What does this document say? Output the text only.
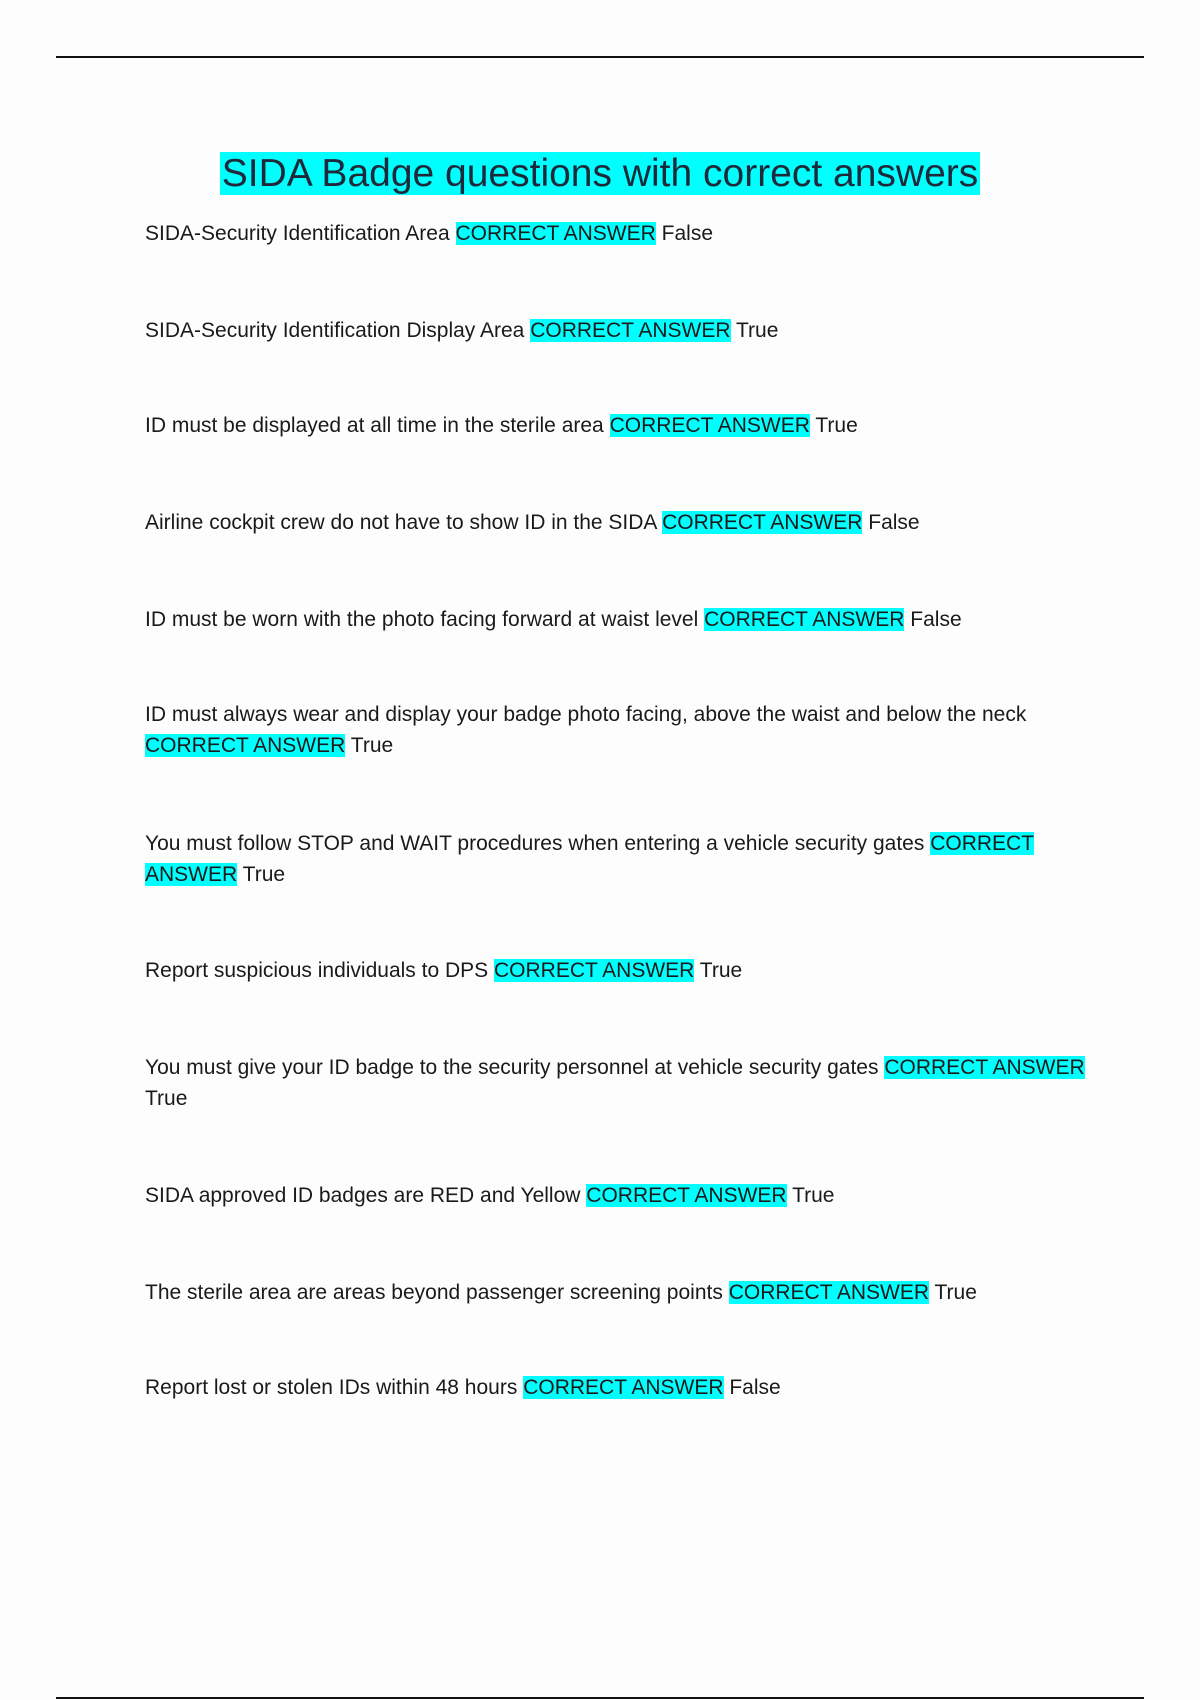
SIDA Badge questions with correct answers

SIDA-Security Identification Area CORRECT ANSWER False

SIDA-Security Identification Display Area CORRECT ANSWER True

ID must be displayed at all time in the sterile area CORRECT ANSWER True

Airline cockpit crew do not have to show ID in the SIDA CORRECT ANSWER False

ID must be worn with the photo facing forward at waist level CORRECT ANSWER False

ID must always wear and display your badge photo facing, above the waist and below the neck CORRECT ANSWER True

You must follow STOP and WAIT procedures when entering a vehicle security gates CORRECT ANSWER True

Report suspicious individuals to DPS CORRECT ANSWER True

You must give your ID badge to the security personnel at vehicle security gates CORRECT ANSWER True

SIDA approved ID badges are RED and Yellow CORRECT ANSWER True

The sterile area are areas beyond passenger screening points CORRECT ANSWER True

Report lost or stolen IDs within 48 hours CORRECT ANSWER False
